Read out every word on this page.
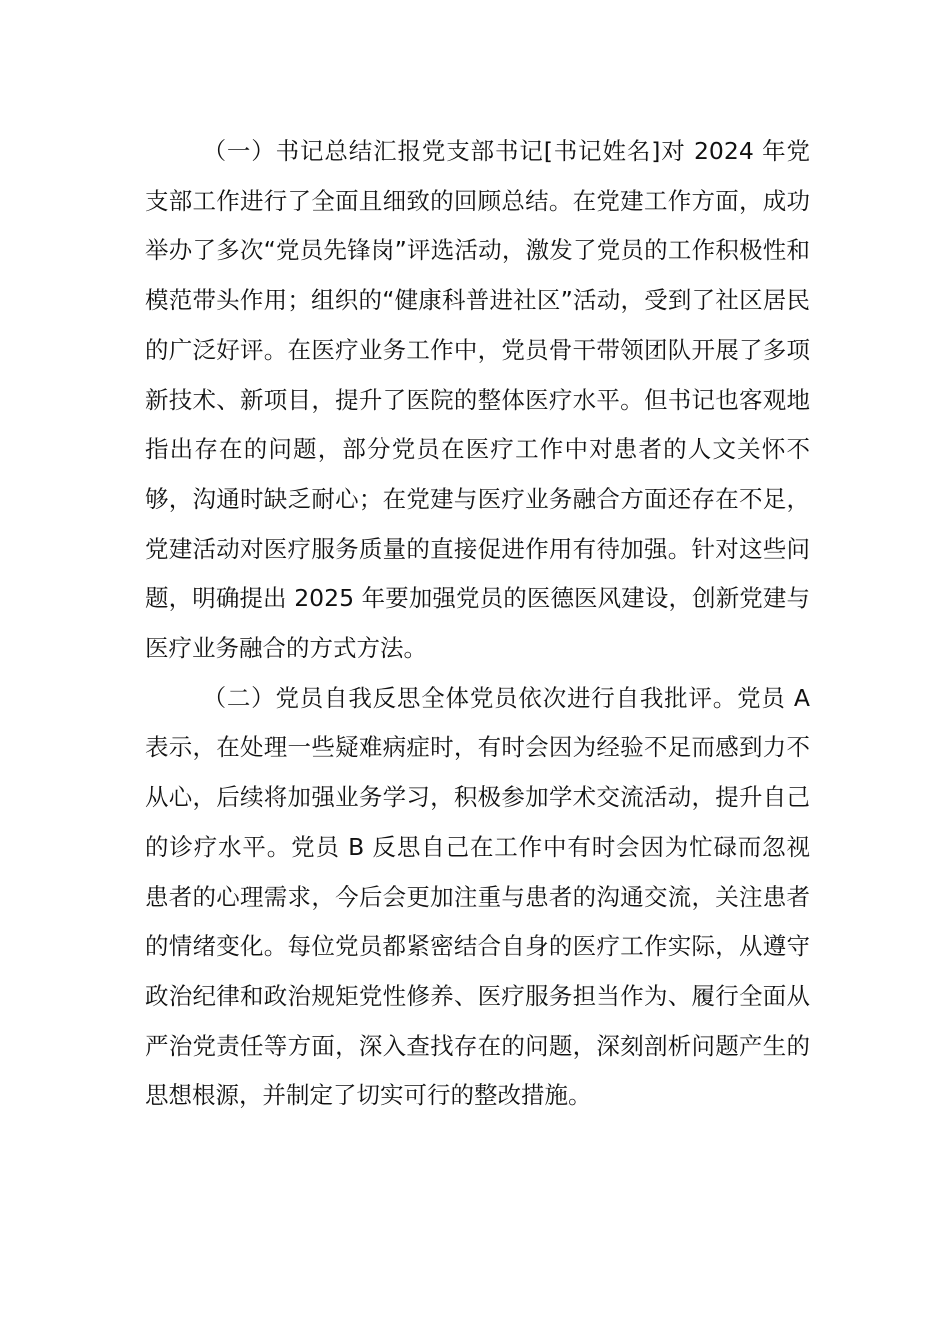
（一）书记总结汇报党支部书记[书记姓名]对 2024 年党支部工作进行了全面且细致的回顾总结。在党建工作方面，成功举办了多次“党员先锋岗”评选活动，激发了党员的工作积极性和模范带头作用；组织的“健康科普进社区”活动，受到了社区居民的广泛好评。在医疗业务工作中，党员骨干带领团队开展了多项新技术、新项目，提升了医院的整体医疗水平。但书记也客观地指出存在的问题，部分党员在医疗工作中对患者的人文关怀不够，沟通时缺乏耐心；在党建与医疗业务融合方面还存在不足，党建活动对医疗服务质量的直接促进作用有待加强。针对这些问题，明确提出 2025 年要加强党员的医德医风建设，创新党建与医疗业务融合的方式方法。

（二）党员自我反思全体党员依次进行自我批评。党员 A 表示，在处理一些疑难病症时，有时会因为经验不足而感到力不从心，后续将加强业务学习，积极参加学术交流活动，提升自己的诊疗水平。党员 B 反思自己在工作中有时会因为忙碌而忽视患者的心理需求，今后会更加注重与患者的沟通交流，关注患者的情绪变化。每位党员都紧密结合自身的医疗工作实际，从遵守政治纪律和政治规矩党性修养、医疗服务担当作为、履行全面从严治党责任等方面，深入查找存在的问题，深刻剖析问题产生的思想根源，并制定了切实可行的整改措施。
